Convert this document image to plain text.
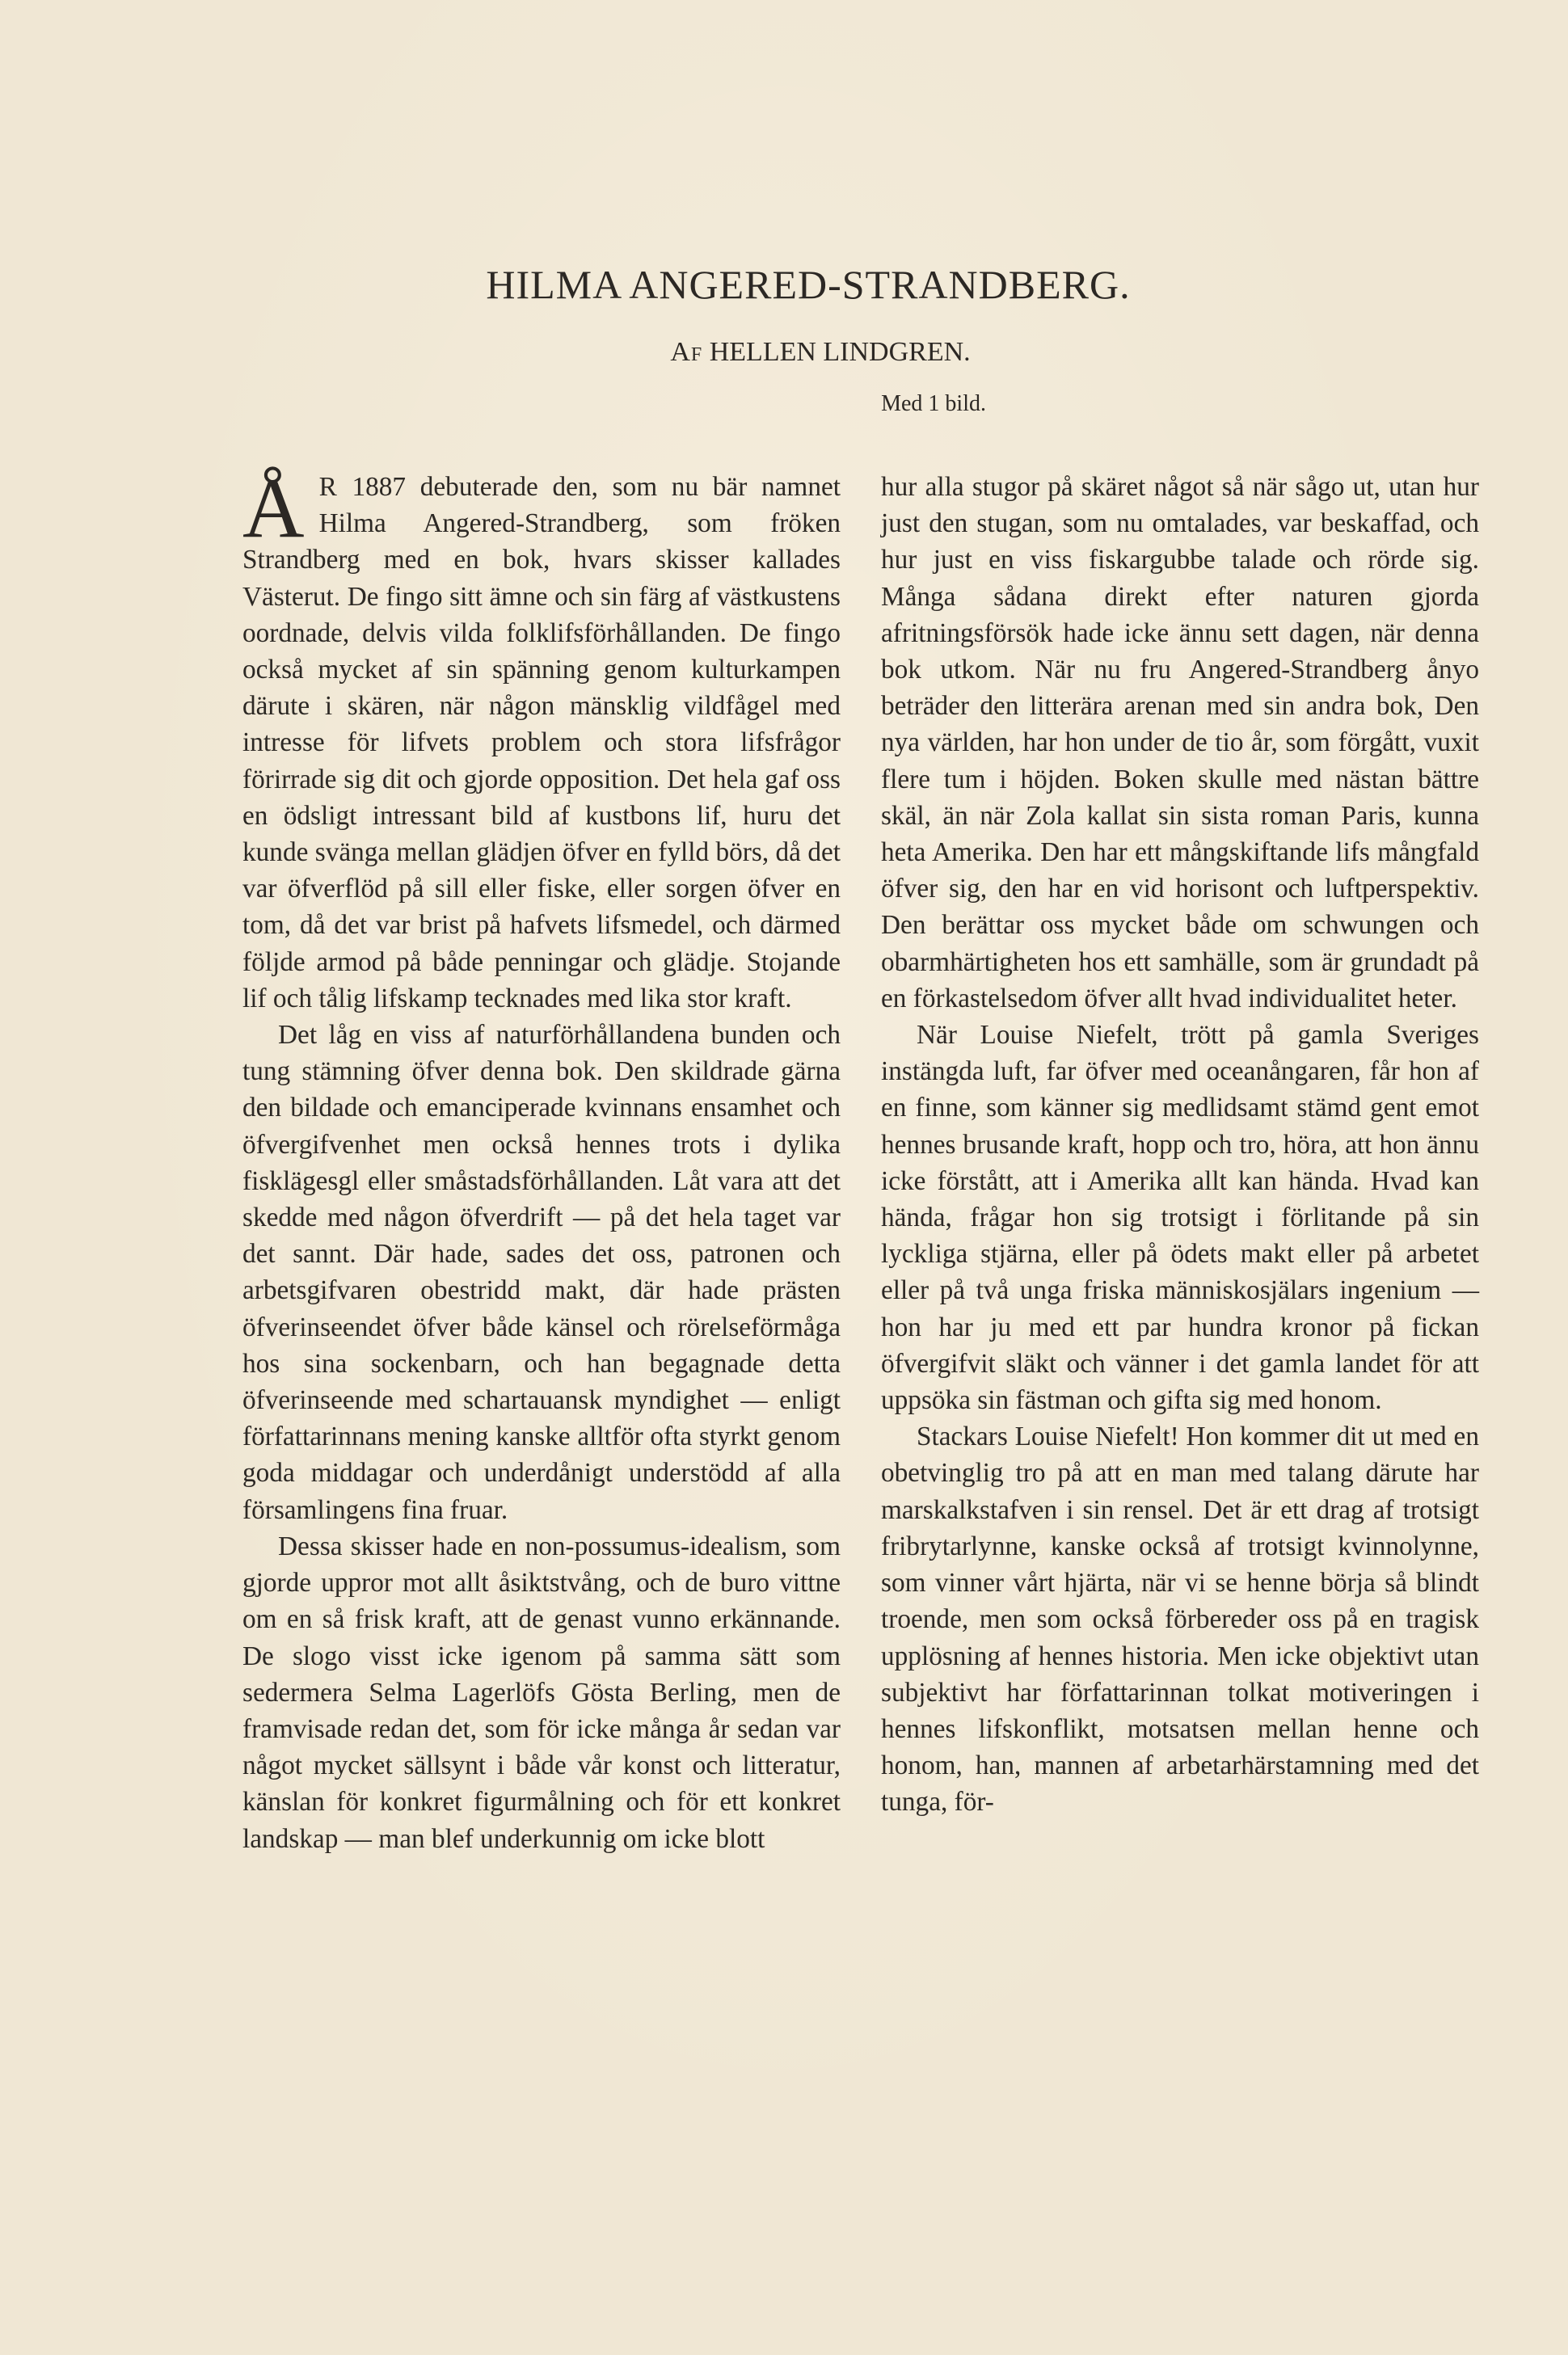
HILMA ANGERED-STRANDBERG.
Af HELLEN LINDGREN.
Med 1 bild.

Å R 1887 debuterade den, som nu bär namnet Hilma Angered-Strandberg, som fröken Strandberg med en bok, hvars skisser kallades Västerut. De fingo sitt ämne och sin färg af västkustens oordnade, delvis vilda folklifsförhållanden. De fingo också mycket af sin spänning genom kulturkampen därute i skären, när någon mänsklig vildfågel med intresse för lifvets problem och stora lifsfrågor förirrade sig dit och gjorde opposition. Det hela gaf oss en ödsligt intressant bild af kustbons lif, huru det kunde svänga mellan glädjen öfver en fylld börs, då det var öfverflöd på sill eller fiske, eller sorgen öfver en tom, då det var brist på hafvets lifsmedel, och därmed följde armod på både penningar och glädje. Stojande lif och tålig lifskamp tecknades med lika stor kraft.

Det låg en viss af naturförhållandena bunden och tung stämning öfver denna bok. Den skildrade gärna den bildade och emanciperade kvinnans ensamhet och öfvergifvenhet men också hennes trots i dylika fisklägesgl eller småstadsförhållanden. Låt vara att det skedde med någon öfverdrift — på det hela taget var det sannt. Där hade, sades det oss, patronen och arbetsgifvaren obestridd makt, där hade prästen öfverinseendet öfver både känsel och rörelseförmåga hos sina sockenbarn, och han begagnade detta öfverinseende med schartauansk myndighet — enligt författarinnans mening kanske alltför ofta styrkt genom goda middagar och underdånigt understödd af alla församlingens fina fruar.

Dessa skisser hade en non-possumus-idealism, som gjorde uppror mot allt åsiktstvång, och de buro vittne om en så frisk kraft, att de genast vunno erkännande. De slogo visst icke igenom på samma sätt som sedermera Selma Lagerlöfs Gösta Berling, men de framvisade redan det, som för icke många år sedan var något mycket sällsynt i både vår konst och litteratur, känslan för konkret figurmålning och för ett konkret landskap — man blef underkunnig om icke blott

hur alla stugor på skäret något så när sågo ut, utan hur just den stugan, som nu omtalades, var beskaffad, och hur just en viss fiskargubbe talade och rörde sig. Många sådana direkt efter naturen gjorda afritningsförsök hade icke ännu sett dagen, när denna bok utkom. När nu fru Angered-Strandberg ånyo beträder den litterära arenan med sin andra bok, Den nya världen, har hon under de tio år, som förgått, vuxit flere tum i höjden. Boken skulle med nästan bättre skäl, än när Zola kallat sin sista roman Paris, kunna heta Amerika. Den har ett mångskiftande lifs mångfald öfver sig, den har en vid horisont och luftperspektiv. Den berättar oss mycket både om schwungen och obarmhärtigheten hos ett samhälle, som är grundadt på en förkastelsedom öfver allt hvad individualitet heter.

När Louise Niefelt, trött på gamla Sveriges instängda luft, far öfver med oceanångaren, får hon af en finne, som känner sig medlidsamt stämd gent emot hennes brusande kraft, hopp och tro, höra, att hon ännu icke förstått, att i Amerika allt kan hända. Hvad kan hända, frågar hon sig trotsigt i förlitande på sin lyckliga stjärna, eller på ödets makt eller på arbetet eller på två unga friska människosjälars ingenium — hon har ju med ett par hundra kronor på fickan öfvergifvit släkt och vänner i det gamla landet för att uppsöka sin fästman och gifta sig med honom.

Stackars Louise Niefelt! Hon kommer dit ut med en obetvinglig tro på att en man med talang därute har marskalkstafven i sin rensel. Det är ett drag af trotsigt fribrytarlynne, kanske också af trotsigt kvinnolynne, som vinner vårt hjärta, när vi se henne börja så blindt troende, men som också förbereder oss på en tragisk upplösning af hennes historia. Men icke objektivt utan subjektivt har författarinnan tolkat motiveringen i hennes lifskonflikt, motsatsen mellan henne och honom, han, mannen af arbetarhärstamning med det tunga, för-
